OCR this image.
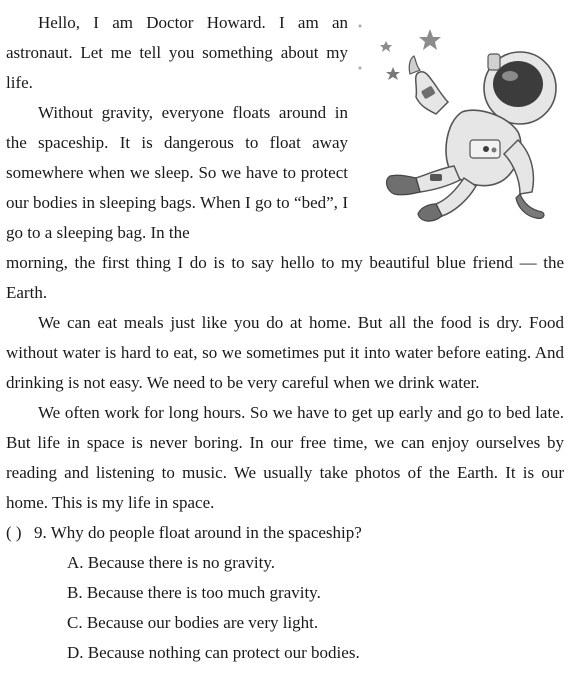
Hello, I am Doctor Howard. I am an astronaut. Let me tell you something about my life.

Without gravity, everyone floats around in the spaceship. It is dangerous to float away somewhere when we sleep. So we have to protect our bodies in sleeping bags. When I go to “bed”, I go to a sleeping bag. In the

morning, the first thing I do is to say hello to my beautiful blue friend — the Earth.

We can eat meals just like you do at home. But all the food is dry. Food without water is hard to eat, so we sometimes put it into water before eating. And drinking is not easy. We need to be very careful when we drink water.

We often work for long hours. So we have to get up early and go to bed late. But life in space is never boring. In our free time, we can enjoy ourselves by reading and listening to music. We usually take photos of the Earth. It is our home. This is my life in space.

( ) 9. Why do people float around in the spaceship?

A. Because there is no gravity.
B. Because there is too much gravity.
C. Because our bodies are very light.
D. Because nothing can protect our bodies.
